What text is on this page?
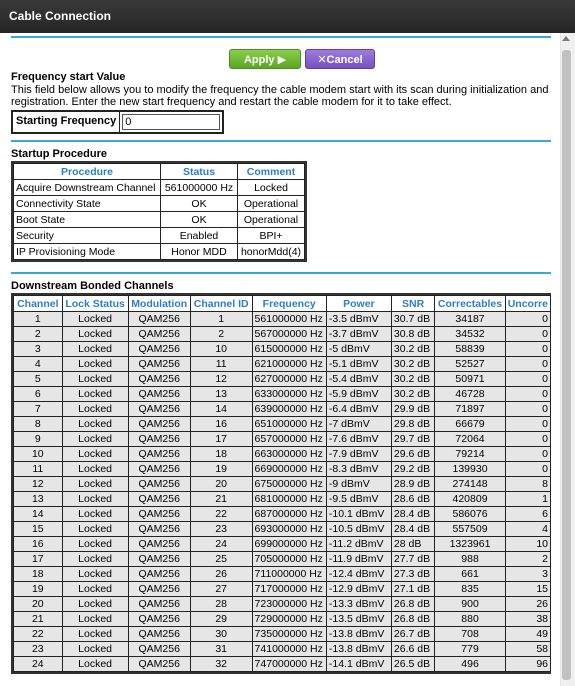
Cable Connection
Apply ▶	✕Cancel
Frequency start Value
This field below allows you to modify the frequency the cable modem start with its scan during initialization and registration. Enter the new start frequency and restart the cable modem for it to take effect.
Starting Frequency
0
Startup Procedure
Procedure	Status	Comment
Acquire Downstream Channel	561000000 Hz	Locked
Connectivity State	OK	Operational
Boot State	OK	Operational
Security	Enabled	BPI+
IP Provisioning Mode	Honor MDD	honorMdd(4)
Downstream Bonded Channels
Channel	Lock Status	Modulation	Channel ID	Frequency	Power	SNR	Correctables	Uncorre
1	Locked	QAM256	1	561000000 Hz	-3.5 dBmV	30.7 dB	34187	0
2	Locked	QAM256	2	567000000 Hz	-3.7 dBmV	30.8 dB	34532	0
3	Locked	QAM256	10	615000000 Hz	-5 dBmV	30.2 dB	58839	0
4	Locked	QAM256	11	621000000 Hz	-5.1 dBmV	30.2 dB	52527	0
5	Locked	QAM256	12	627000000 Hz	-5.4 dBmV	30.2 dB	50971	0
6	Locked	QAM256	13	633000000 Hz	-5.9 dBmV	30.2 dB	46728	0
7	Locked	QAM256	14	639000000 Hz	-6.4 dBmV	29.9 dB	71897	0
8	Locked	QAM256	16	651000000 Hz	-7 dBmV	29.8 dB	66679	0
9	Locked	QAM256	17	657000000 Hz	-7.6 dBmV	29.7 dB	72064	0
10	Locked	QAM256	18	663000000 Hz	-7.9 dBmV	29.6 dB	79214	0
11	Locked	QAM256	19	669000000 Hz	-8.3 dBmV	29.2 dB	139930	0
12	Locked	QAM256	20	675000000 Hz	-9 dBmV	28.9 dB	274148	8
13	Locked	QAM256	21	681000000 Hz	-9.5 dBmV	28.6 dB	420809	1
14	Locked	QAM256	22	687000000 Hz	-10.1 dBmV	28.4 dB	586076	6
15	Locked	QAM256	23	693000000 Hz	-10.5 dBmV	28.4 dB	557509	4
16	Locked	QAM256	24	699000000 Hz	-11.2 dBmV	28 dB	1323961	10
17	Locked	QAM256	25	705000000 Hz	-11.9 dBmV	27.7 dB	988	2
18	Locked	QAM256	26	711000000 Hz	-12.4 dBmV	27.3 dB	661	3
19	Locked	QAM256	27	717000000 Hz	-12.9 dBmV	27.1 dB	835	15
20	Locked	QAM256	28	723000000 Hz	-13.3 dBmV	26.8 dB	900	26
21	Locked	QAM256	29	729000000 Hz	-13.5 dBmV	26.8 dB	880	38
22	Locked	QAM256	30	735000000 Hz	-13.8 dBmV	26.7 dB	708	49
23	Locked	QAM256	31	741000000 Hz	-13.8 dBmV	26.6 dB	779	58
24	Locked	QAM256	32	747000000 Hz	-14.1 dBmV	26.5 dB	496	96
